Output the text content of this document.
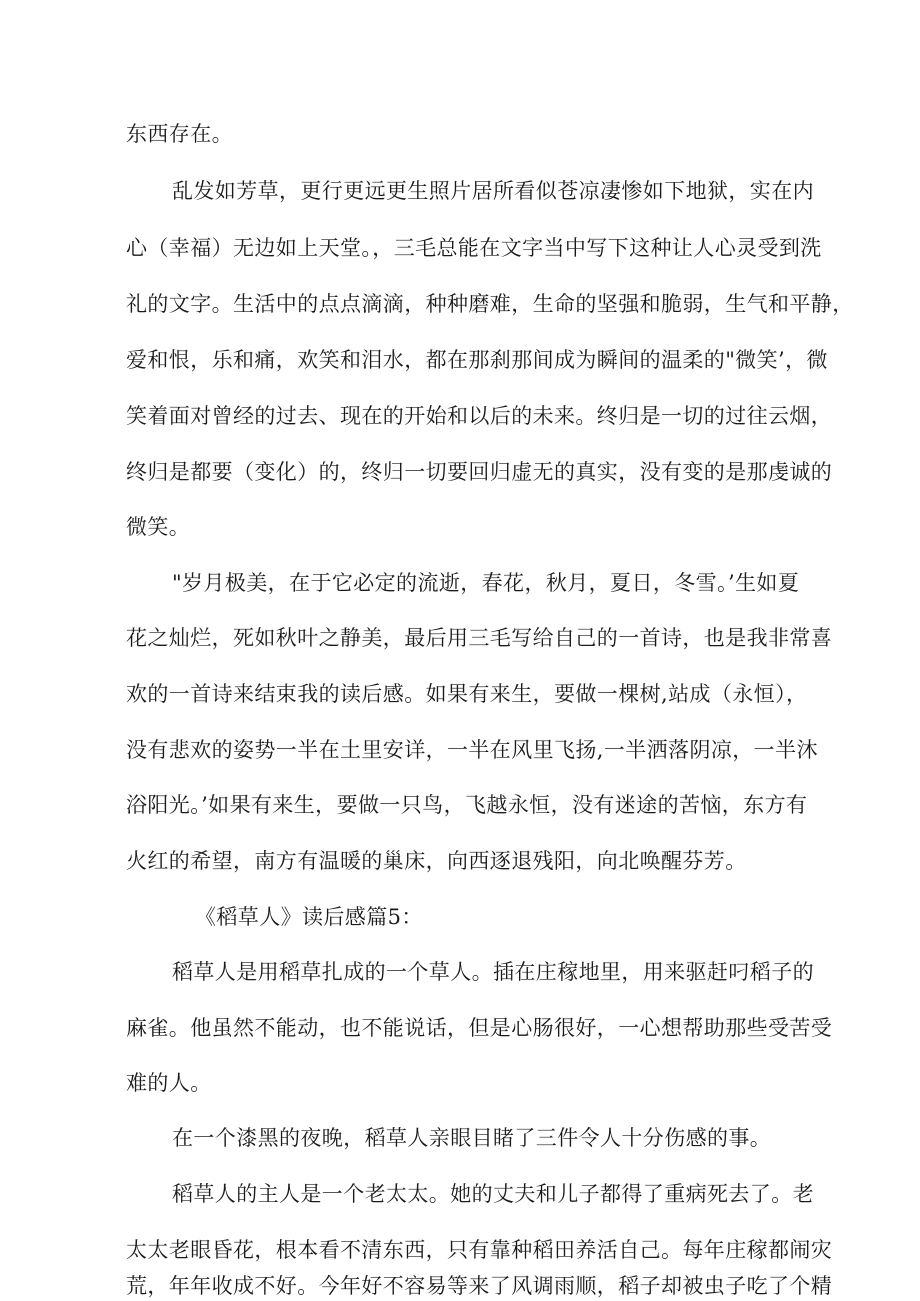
东西存在。
乱发如芳草，更行更远更生照片居所看似苍凉凄惨如下地狱，实在内
心（幸福）无边如上天堂。，三毛总能在文字当中写下这种让人心灵受到洗
礼的文字。生活中的点点滴滴，种种磨难，生命的坚强和脆弱，生气和平静，
爱和恨，乐和痛，欢笑和泪水，都在那刹那间成为瞬间的温柔的"微笑’，微
笑着面对曾经的过去、现在的开始和以后的未来。终归是一切的过往云烟，
终归是都要（变化）的，终归一切要回归虚无的真实，没有变的是那虔诚的
微笑。
"岁月极美，在于它必定的流逝，春花，秋月，夏日，冬雪。’生如夏
花之灿烂，死如秋叶之静美，最后用三毛写给自己的一首诗，也是我非常喜
欢的一首诗来结束我的读后感。如果有来生，要做一棵树,站成（永恒），
没有悲欢的姿势一半在土里安详，一半在风里飞扬,一半洒落阴凉，一半沐
浴阳光。’如果有来生，要做一只鸟，飞越永恒，没有迷途的苦恼，东方有
火红的希望，南方有温暖的巢床，向西逐退残阳，向北唤醒芬芳。
《稻草人》读后感篇5：
稻草人是用稻草扎成的一个草人。插在庄稼地里，用来驱赶叼稻子的
麻雀。他虽然不能动，也不能说话，但是心肠很好，一心想帮助那些受苦受
难的人。
在一个漆黑的夜晚，稻草人亲眼目睹了三件令人十分伤感的事。
稻草人的主人是一个老太太。她的丈夫和儿子都得了重病死去了。老
太太老眼昏花，根本看不清东西，只有靠种稻田养活自己。每年庄稼都闹灾
荒，年年收成不好。今年好不容易等来了风调雨顺，稻子却被虫子吃了个精
